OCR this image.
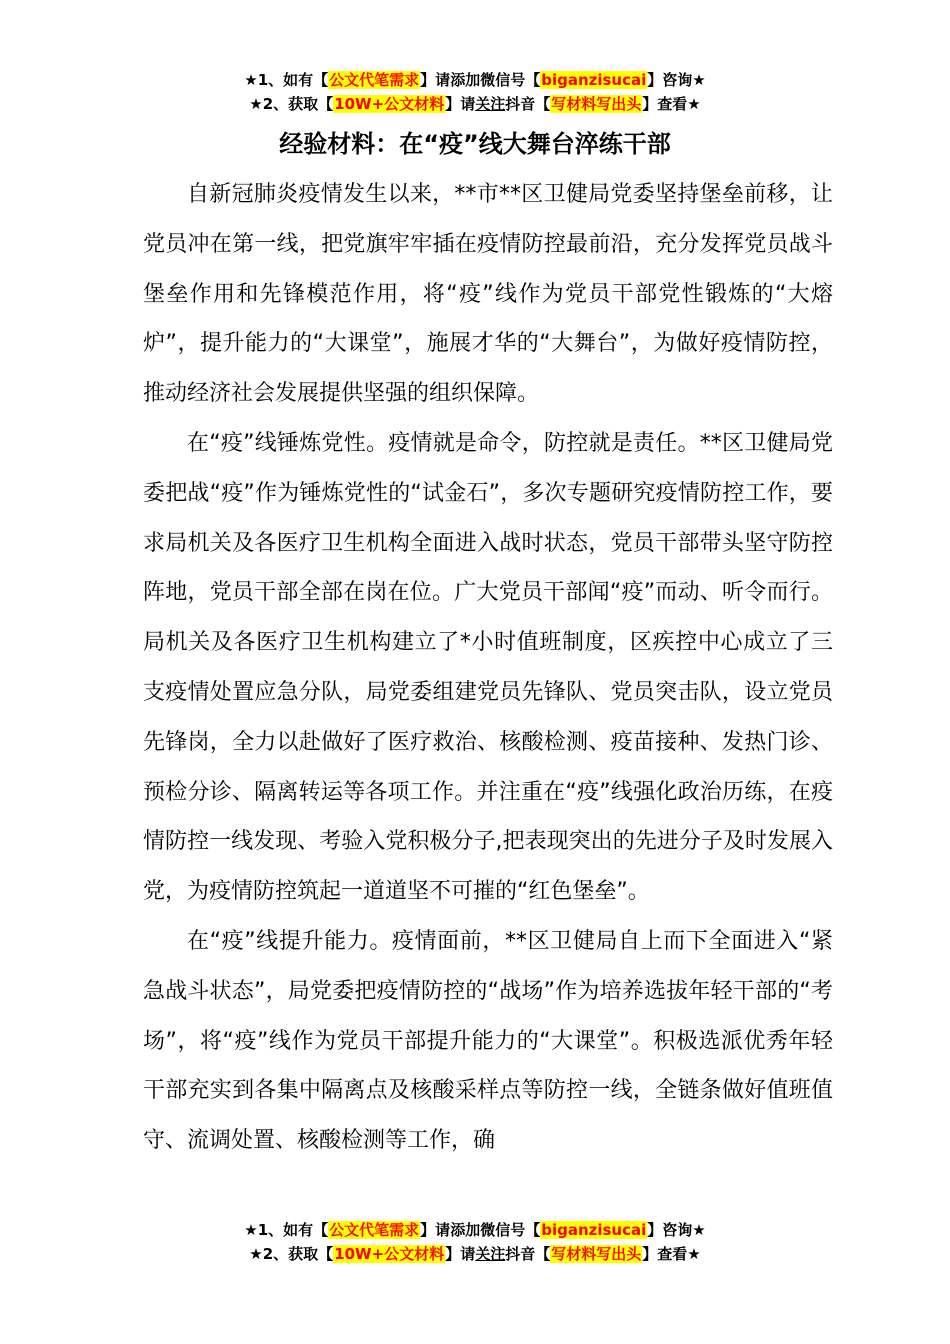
★1、如有【公文代笔需求】请添加微信号【biganzisucai】咨询★
★2、获取【10W+公文材料】请关注抖音【写材料写出头】查看★
经验材料：在“疫”线大舞台淬练干部

自新冠肺炎疫情发生以来，**市**区卫健局党委坚持堡垒前移，让党员冲在第一线，把党旗牢牢插在疫情防控最前沿，充分发挥党员战斗堡垒作用和先锋模范作用，将“疫”线作为党员干部党性锻炼的“大熔炉”，提升能力的“大课堂”，施展才华的“大舞台”，为做好疫情防控，推动经济社会发展提供坚强的组织保障。

在“疫”线锤炼党性。疫情就是命令，防控就是责任。**区卫健局党委把战“疫”作为锤炼党性的“试金石”，多次专题研究疫情防控工作，要求局机关及各医疗卫生机构全面进入战时状态，党员干部带头坚守防控阵地，党员干部全部在岗在位。广大党员干部闻“疫”而动、听令而行。局机关及各医疗卫生机构建立了*小时值班制度，区疾控中心成立了三支疫情处置应急分队，局党委组建党员先锋队、党员突击队，设立党员先锋岗，全力以赴做好了医疗救治、核酸检测、疫苗接种、发热门诊、预检分诊、隔离转运等各项工作。并注重在“疫”线强化政治历练，在疫情防控一线发现、考验入党积极分子,把表现突出的先进分子及时发展入党，为疫情防控筑起一道道坚不可摧的“红色堡垒”。

在“疫”线提升能力。疫情面前，**区卫健局自上而下全面进入“紧急战斗状态”，局党委把疫情防控的“战场”作为培养选拔年轻干部的“考场”，将“疫”线作为党员干部提升能力的“大课堂”。积极选派优秀年轻干部充实到各集中隔离点及核酸采样点等防控一线，全链条做好值班值守、流调处置、核酸检测等工作，确

★1、如有【公文代笔需求】请添加微信号【biganzisucai】咨询★
★2、获取【10W+公文材料】请关注抖音【写材料写出头】查看★
